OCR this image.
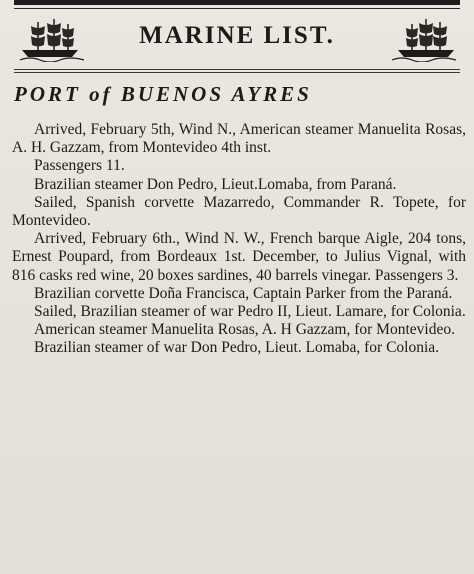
MARINE LIST.
PORT of BUENOS AYRES

Arrived, February 5th, Wind N., American steamer Manuelita Rosas, A. H. Gazzam, from Montevideo 4th inst.

Passengers 11.

Brazilian steamer Don Pedro, Lieut.Lomaba, from Paraná.

Sailed, Spanish corvette Mazarredo, Commander R. Topete, for Montevideo.

Arrived, February 6th., Wind N. W., French barque Aigle, 204 tons, Ernest Poupard, from Bordeaux 1st. December, to Julius Vignal, with 816 casks red wine, 20 boxes sardines, 40 barrels vinegar. Passengers 3.

Brazilian corvette Doña Francisca, Captain Parker from the Paraná.

Sailed, Brazilian steamer of war Pedro II, Lieut. Lamare, for Colonia.

American steamer Manuelita Rosas, A. H Gazzam, for Montevideo.

Brazilian steamer of war Don Pedro, Lieut. Lomaba, for Colonia.
